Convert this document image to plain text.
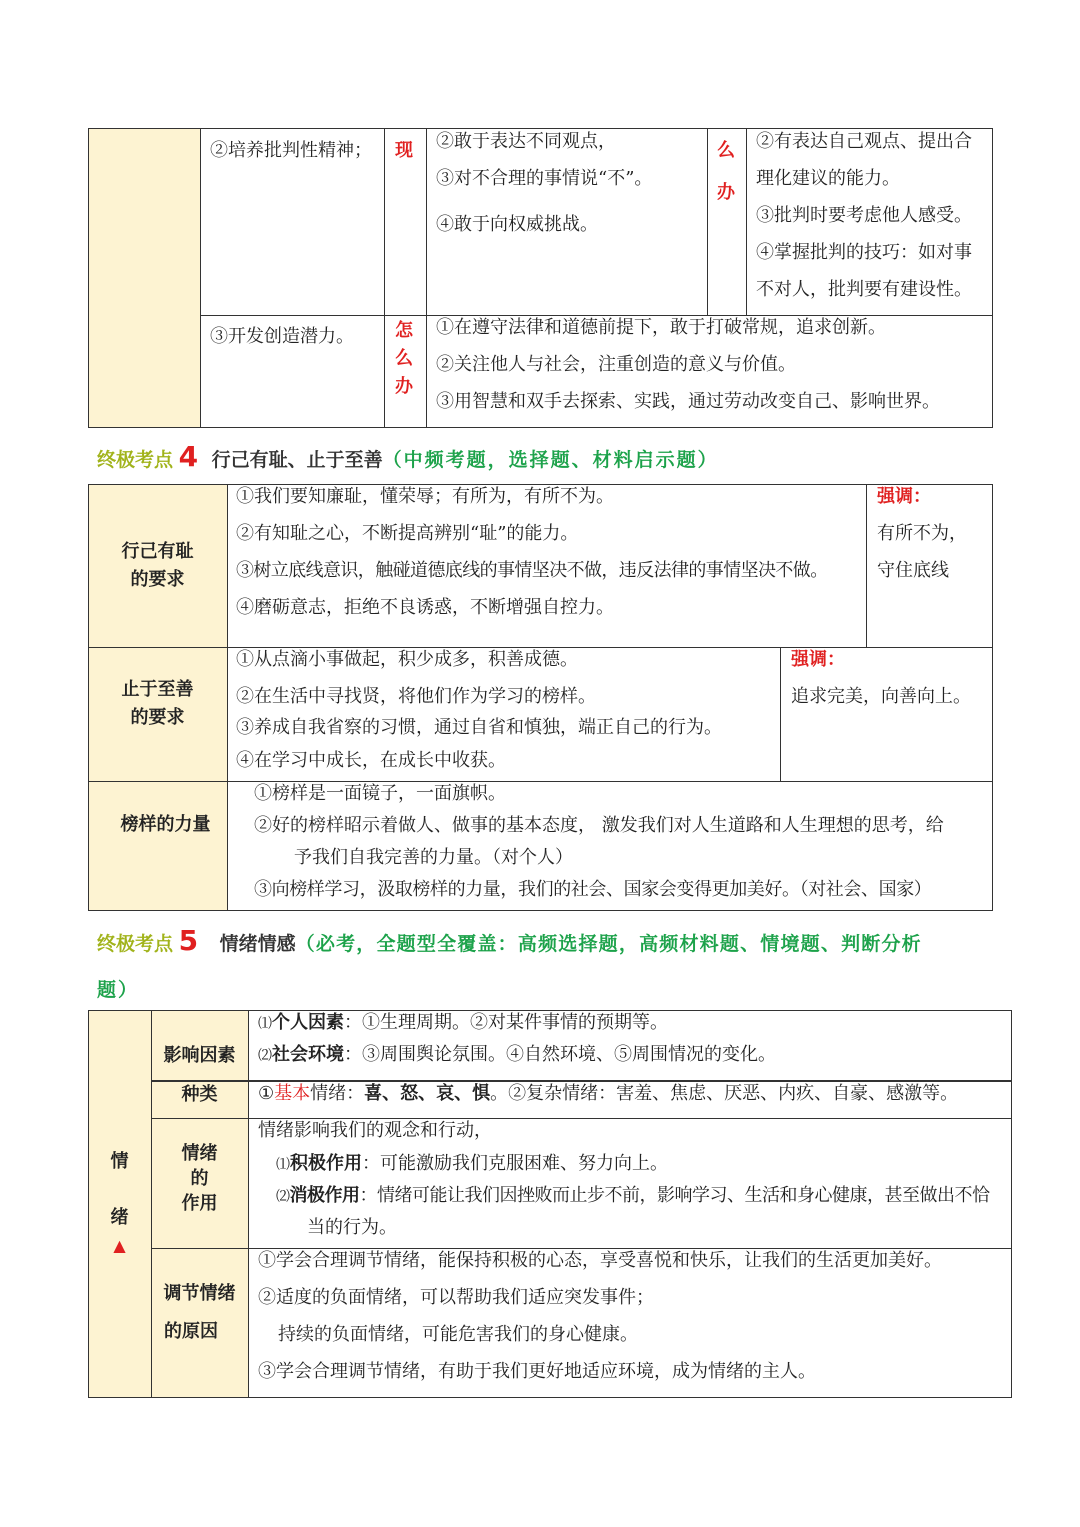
②培养批判性精神； 现 ②敢于表达不同观点，
③对不合理的事情说“不”。
④敢于向权威挑战。
么
办
②有表达自己观点、提出合
理化建议的能力。
③批判时要考虑他人感受。
④掌握批判的技巧：如对事
不对人，批判要有建设性。
③开发创造潜力。 怎
么
办
①在遵守法律和道德前提下，敢于打破常规，追求创新。
②关注他人与社会，注重创造的意义与价值。
③用智慧和双手去探索、实践，通过劳动改变自己、影响世界。
终极考点 4 行己有耻、止于至善（中频考题，选择题、材料启示题）
行己有耻
的要求
①我们要知廉耻，懂荣辱；有所为，有所不为。
②有知耻之心，不断提高辨别“耻”的能力。
③树立底线意识，触碰道德底线的事情坚决不做，违反法律的事情坚决不做。
④磨砺意志，拒绝不良诱惑，不断增强自控力。
强调：
有所不为，
守住底线
止于至善
的要求
①从点滴小事做起，积少成多，积善成德。
②在生活中寻找贤，将他们作为学习的榜样。
③养成自我省察的习惯，通过自省和慎独，端正自己的行为。
④在学习中成长，在成长中收获。
强调：
追求完美，向善向上。
榜样的力量
①榜样是一面镜子，一面旗帜。
②好的榜样昭示着做人、做事的基本态度， 激发我们对人生道路和人生理想的思考，给
予我们自我完善的力量。（对个人）
③向榜样学习，汲取榜样的力量，我们的社会、国家会变得更加美好。（对社会、国家）
终极考点 5 情绪情感（必考，全题型全覆盖：高频选择题，高频材料题、情境题、判断分析
题）
情
绪
▲
影响因素
⑴个人因素：①生理周期。②对某件事情的预期等。
⑵社会环境：③周围舆论氛围。④自然环境、⑤周围情况的变化。
种类	①基本情绪：喜、怒、哀、惧。②复杂情绪：害羞、焦虑、厌恶、内疚、自豪、感激等。
情绪
的
作用
情绪影响我们的观念和行动，
⑴积极作用：可能激励我们克服困难、努力向上。
⑵消极作用：情绪可能让我们因挫败而止步不前，影响学习、生活和身心健康，甚至做出不恰
当的行为。
调节情绪
的原因
①学会合理调节情绪，能保持积极的心态，享受喜悦和快乐，让我们的生活更加美好。
②适度的负面情绪，可以帮助我们适应突发事件；
持续的负面情绪，可能危害我们的身心健康。
③学会合理调节情绪，有助于我们更好地适应环境，成为情绪的主人。
